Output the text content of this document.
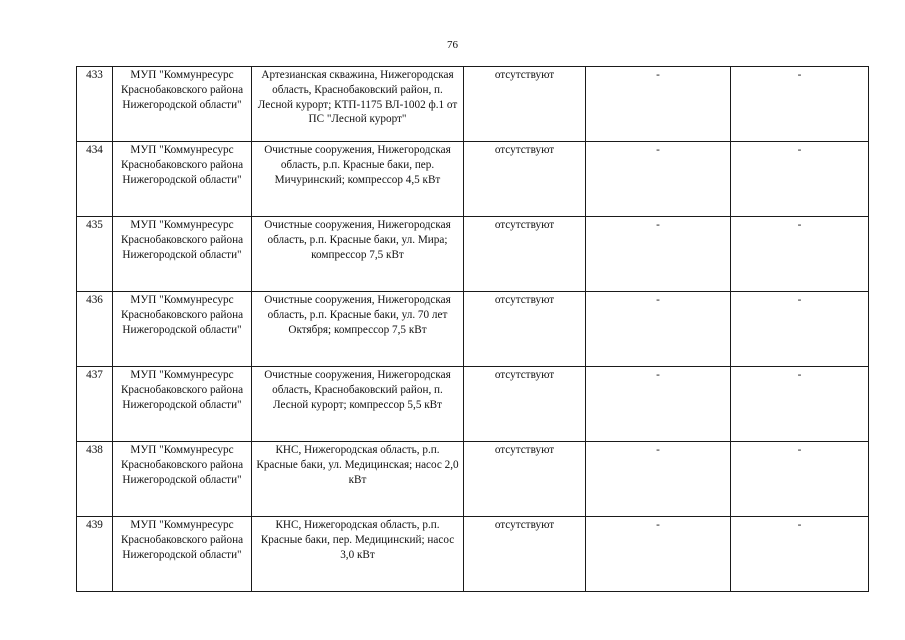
76
433	МУП "Коммунресурс Краснобаковского района Нижегородской области"	Артезианская скважина, Нижегородская область, Краснобаковский район, п. Лесной курорт; КТП-1175 ВЛ-1002 ф.1 от ПС "Лесной курорт"	отсутствуют	-	-
434	МУП "Коммунресурс Краснобаковского района Нижегородской области"	Очистные сооружения, Нижегородская область, р.п. Красные баки, пер. Мичуринский; компрессор 4,5 кВт	отсутствуют	-	-
435	МУП "Коммунресурс Краснобаковского района Нижегородской области"	Очистные сооружения, Нижегородская область, р.п. Красные баки, ул. Мира; компрессор 7,5 кВт	отсутствуют	-	-
436	МУП "Коммунресурс Краснобаковского района Нижегородской области"	Очистные сооружения, Нижегородская область, р.п. Красные баки, ул. 70 лет Октября; компрессор 7,5 кВт	отсутствуют	-	-
437	МУП "Коммунресурс Краснобаковского района Нижегородской области"	Очистные сооружения, Нижегородская область, Краснобаковский район, п. Лесной курорт; компрессор 5,5 кВт	отсутствуют	-	-
438	МУП "Коммунресурс Краснобаковского района Нижегородской области"	КНС, Нижегородская область, р.п. Красные баки, ул. Медицинская; насос 2,0 кВт	отсутствуют	-	-
439	МУП "Коммунресурс Краснобаковского района Нижегородской области"	КНС, Нижегородская область, р.п. Красные баки, пер. Медицинский; насос 3,0 кВт	отсутствуют	-	-
